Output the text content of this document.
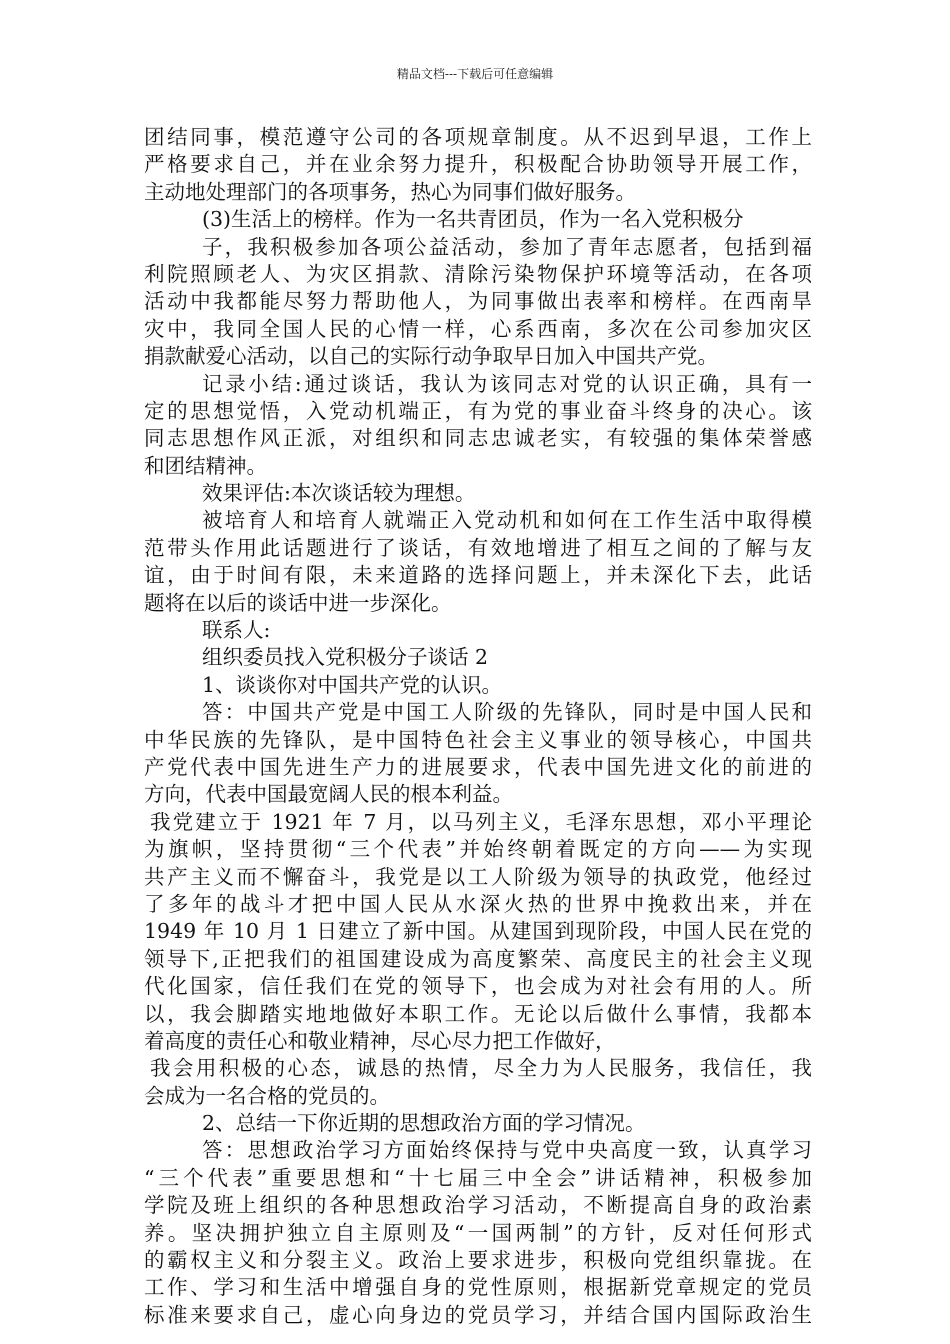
精品文档---下载后可任意编辑
团结同事，模范遵守公司的各项规章制度。从不迟到早退，工作上
严格要求自己，并在业余努力提升，积极配合协助领导开展工作，
主动地处理部门的各项事务，热心为同事们做好服务。
(3)生活上的榜样。作为一名共青团员，作为一名入党积极分
子，我积极参加各项公益活动，参加了青年志愿者，包括到福
利院照顾老人、为灾区捐款、清除污染物保护环境等活动，在各项
活动中我都能尽努力帮助他人，为同事做出表率和榜样。在西南旱
灾中，我同全国人民的心情一样，心系西南，多次在公司参加灾区
捐款献爱心活动，以自己的实际行动争取早日加入中国共产党。
记录小结:通过谈话，我认为该同志对党的认识正确，具有一
定的思想觉悟，入党动机端正，有为党的事业奋斗终身的决心。该
同志思想作风正派，对组织和同志忠诚老实，有较强的集体荣誉感
和团结精神。
效果评估:本次谈话较为理想。
被培育人和培育人就端正入党动机和如何在工作生活中取得模
范带头作用此话题进行了谈话，有效地增进了相互之间的了解与友
谊，由于时间有限，未来道路的选择问题上，并未深化下去，此话
题将在以后的谈话中进一步深化。
联系人:
组织委员找入党积极分子谈话 2
1、谈谈你对中国共产党的认识。
答：中国共产党是中国工人阶级的先锋队，同时是中国人民和
中华民族的先锋队，是中国特色社会主义事业的领导核心，中国共
产党代表中国先进生产力的进展要求，代表中国先进文化的前进的
方向，代表中国最宽阔人民的根本利益。
我党建立于 1921 年 7 月，以马列主义，毛泽东思想，邓小平理论
为旗帜，坚持贯彻“三个代表”并始终朝着既定的方向——为实现
共产主义而不懈奋斗，我党是以工人阶级为领导的执政党，他经过
了多年的战斗才把中国人民从水深火热的世界中挽救出来，并在
1949 年 10 月 1 日建立了新中国。从建国到现阶段，中国人民在党的
领导下,正把我们的祖国建设成为高度繁荣、高度民主的社会主义现
代化国家，信任我们在党的领导下，也会成为对社会有用的人。所
以，我会脚踏实地地做好本职工作。无论以后做什么事情，我都本
着高度的责任心和敬业精神，尽心尽力把工作做好，
我会用积极的心态，诚恳的热情，尽全力为人民服务，我信任，我
会成为一名合格的党员的。
2、总结一下你近期的思想政治方面的学习情况。
答：思想政治学习方面始终保持与党中央高度一致，认真学习
“三个代表”重要思想和“十七届三中全会”讲话精神，积极参加
学院及班上组织的各种思想政治学习活动，不断提高自身的政治素
养。坚决拥护独立自主原则及“一国两制”的方针，反对任何形式
的霸权主义和分裂主义。政治上要求进步，积极向党组织靠拢。在
工作、学习和生活中增强自身的党性原则，根据新党章规定的党员
标准来要求自己，虚心向身边的党员学习，并结合国内国际政治生
